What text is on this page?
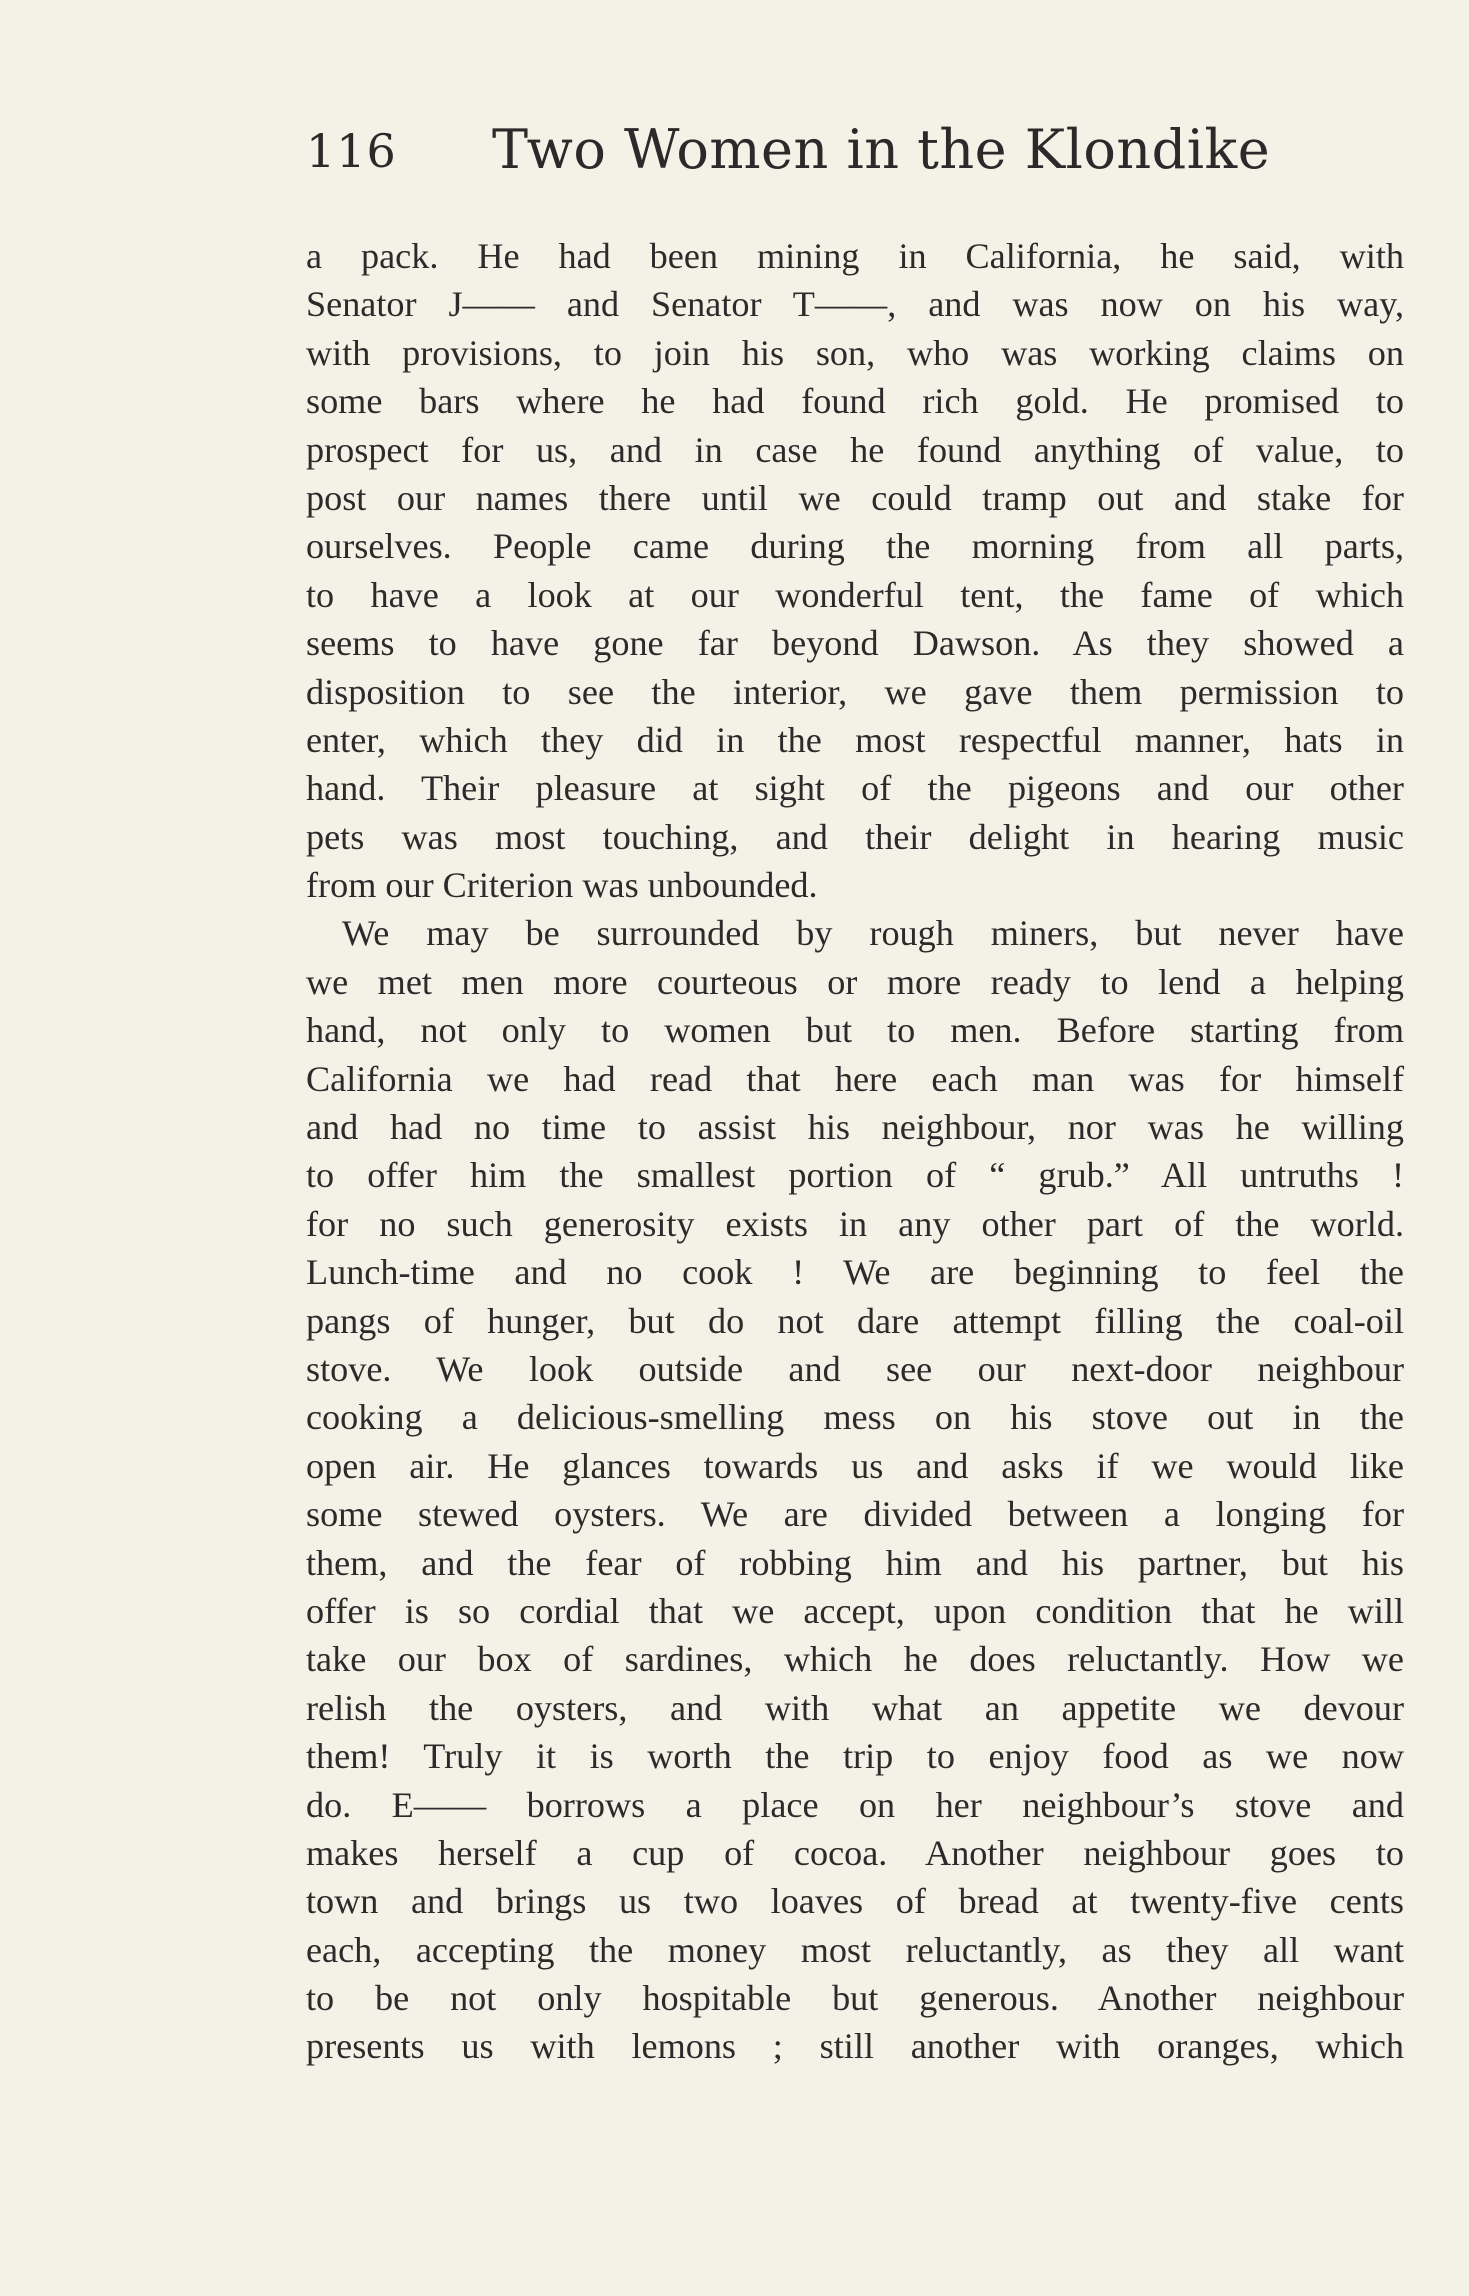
116 Two Women in the Klondike
a pack. He had been mining in California, he said, with
Senator J—— and Senator T——, and was now on his way,
with provisions, to join his son, who was working claims on
some bars where he had found rich gold. He promised to
prospect for us, and in case he found anything of value, to
post our names there until we could tramp out and stake for
ourselves. People came during the morning from all parts,
to have a look at our wonderful tent, the fame of which
seems to have gone far beyond Dawson. As they showed a
disposition to see the interior, we gave them permission to
enter, which they did in the most respectful manner, hats in
hand. Their pleasure at sight of the pigeons and our other
pets was most touching, and their delight in hearing music
from our Criterion was unbounded.
We may be surrounded by rough miners, but never have
we met men more courteous or more ready to lend a helping
hand, not only to women but to men. Before starting from
California we had read that here each man was for himself
and had no time to assist his neighbour, nor was he willing
to offer him the smallest portion of “ grub.” All untruths !
for no such generosity exists in any other part of the world.
Lunch-time and no cook ! We are beginning to feel the
pangs of hunger, but do not dare attempt filling the coal-oil
stove. We look outside and see our next-door neighbour
cooking a delicious-smelling mess on his stove out in the
open air. He glances towards us and asks if we would like
some stewed oysters. We are divided between a longing for
them, and the fear of robbing him and his partner, but his
offer is so cordial that we accept, upon condition that he will
take our box of sardines, which he does reluctantly. How we
relish the oysters, and with what an appetite we devour
them! Truly it is worth the trip to enjoy food as we now
do. E—— borrows a place on her neighbour’s stove and
makes herself a cup of cocoa. Another neighbour goes to
town and brings us two loaves of bread at twenty-five cents
each, accepting the money most reluctantly, as they all want
to be not only hospitable but generous. Another neighbour
presents us with lemons ; still another with oranges, which
